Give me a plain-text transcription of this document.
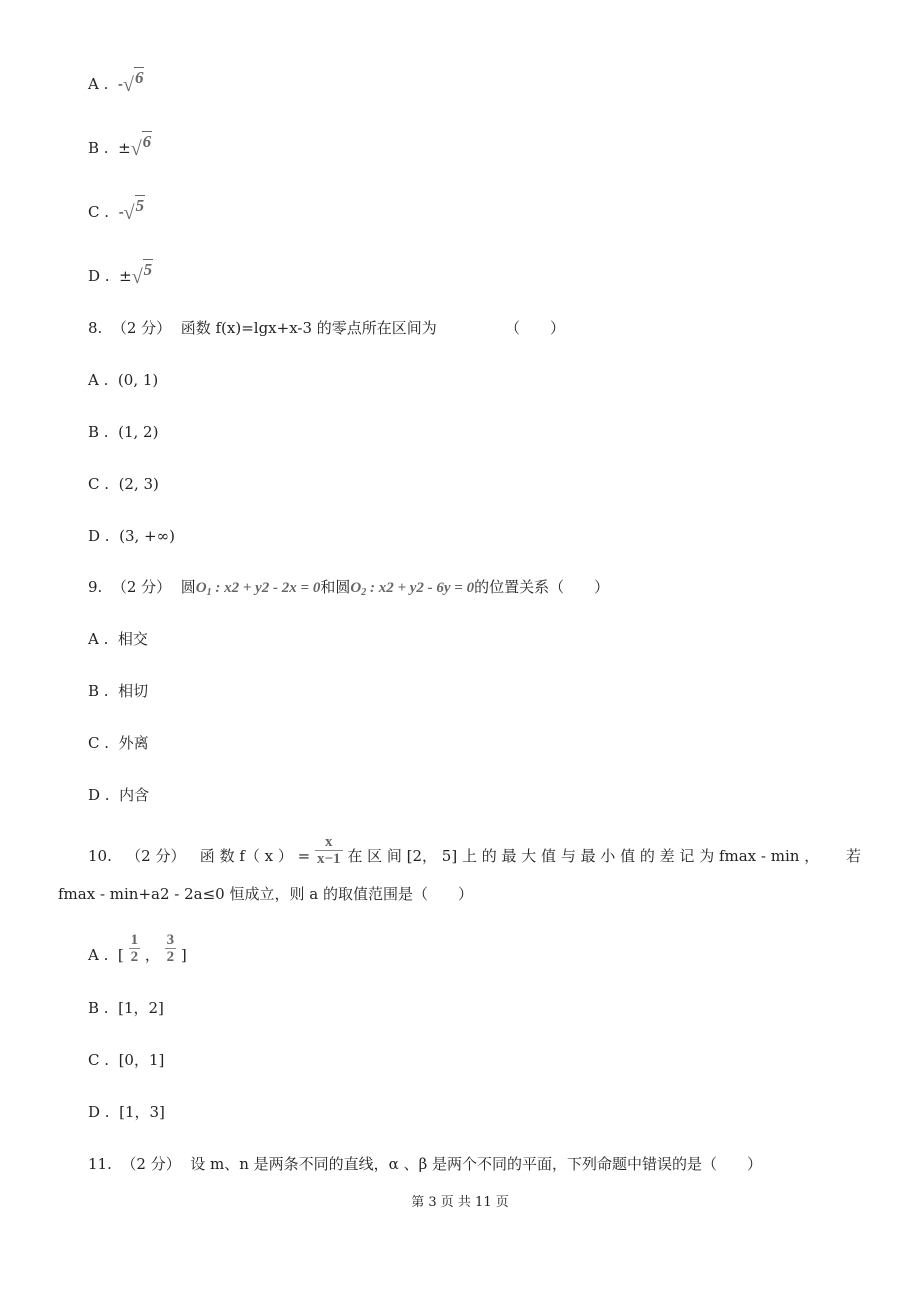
A . -√6
B . ±√6
C . -√5
D . ±√5
8. （2 分） 函数 f(x)=lgx+x-3 的零点所在区间为	（　　）
A . (0, 1)
B . (1, 2)
C . (2, 3)
D . (3, +∞)
9. （2 分） 圆$O_1$ : x2 + y2 - 2x = 0和圆$O_2$ : x2 + y2 - 6y = 0的位置关系（　　）
A . 相交
B . 相切
C . 外离
D . 内含
10. （2 分） 函 数 f（ x ） = $\frac{x}{x-1}$ 在 区 间 [2， 5] 上 的 最 大 值 与 最 小 值 的 差 记 为 fmax - min ， 若
fmax - min+a2 - 2a≤0 恒成立，则 a 的取值范围是（　　）
A . [ $\frac{1}{2}$ ， $\frac{3}{2}$ ]
B . [1，2]
C . [0，1]
D . [1，3]
11. （2 分） 设 m、n 是两条不同的直线，α 、β 是两个不同的平面，下列命题中错误的是（　　）
第 3 页 共 11 页
